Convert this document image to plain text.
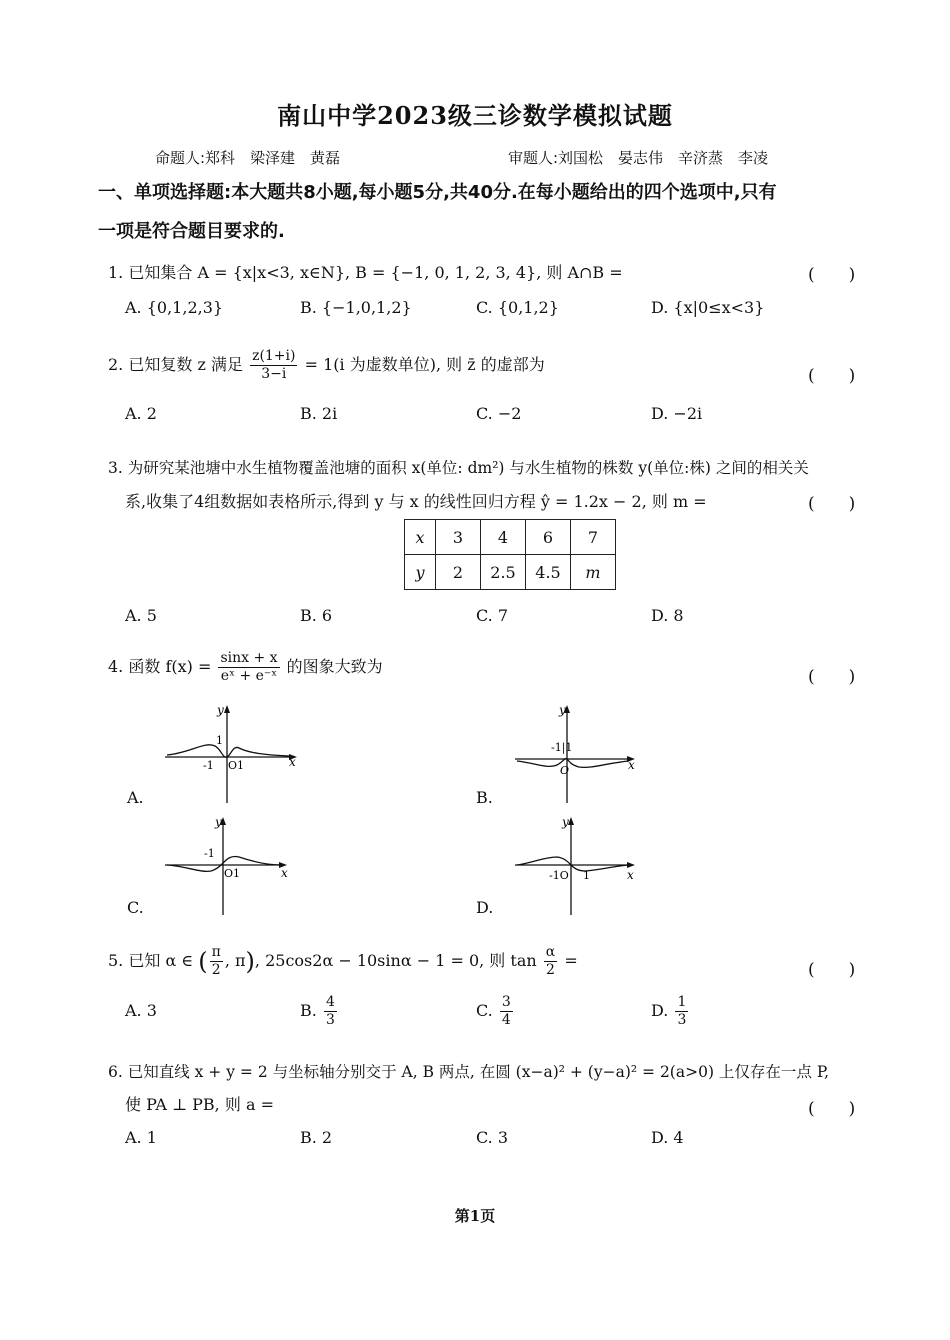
南山中学2023级三诊数学模拟试题
命题人:郑科　梁泽建　黄磊	审题人:刘国松　晏志伟　辛济蒸　李凌
一、单项选择题:本大题共8小题,每小题5分,共40分.在每小题给出的四个选项中,只有
一项是符合题目要求的.
1. 已知集合 A = {x|x<3, x∈N}, B = {−1, 0, 1, 2, 3, 4}, 则 A∩B =	(　　)
A. {0,1,2,3}	B. {−1,0,1,2}	C. {0,1,2}	D. {x|0≤x<3}
2. 已知复数 z 满足 $\frac{z(1+i)}{3-i} = 1(i$ 为虚数单位), 则 z̄ 的虚部为
(　　)
A. 2	B. 2i	C. −2	D. −2i
3. 为研究某池塘中水生植物覆盖池塘的面积 x(单位: dm²) 与水生植物的株数 y(单位:株) 之间的相关关
系,收集了4组数据如表格所示,得到 y 与 x 的线性回归方程 ŷ = 1.2x − 2, 则 m =	(　　)
x	3	4	6	7
y	2	2.5	4.5	m
A. 5	B. 6	C. 7	D. 8
4. 函数 $f(x) = \frac{\sin x + x}{\text{eˣ + e⁻ˣ}}$ 的图象大致为
(　　)
y
x
1
-1 O1
A.
y
x
-1|1
O
B.
y
x
-1
O1
C.
y
x
-1O 1
D.
5. 已知 α ∈ ( $\frac{\pi}{2}$ , π), 25cos2α − 10sinα − 1 = 0, 则 $\tan \frac{\alpha}{2}$ =	(　　)
A. 3	B. $\frac{4}{3}$	C. $\frac{3}{4}$	D. $\frac{1}{3}$
6. 已知直线 x + y = 2 与坐标轴分别交于 A, B 两点, 在圆 (x−a)² + (y−a)² = 2(a>0) 上仅存在一点 P,
使 PA ⊥ PB, 则 a =	(　　)
A. 1	B. 2	C. 3	D. 4
第1页
